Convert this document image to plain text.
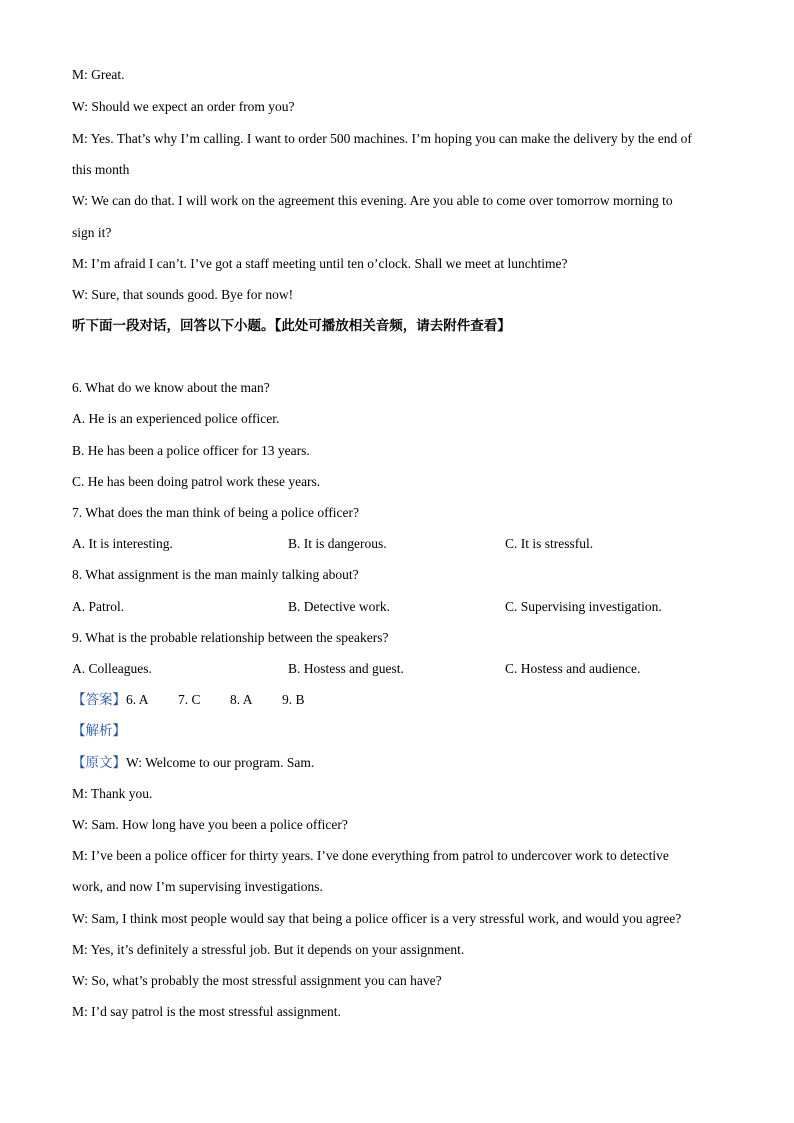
M: Great.
W: Should we expect an order from you?
M: Yes. That’s why I’m calling. I want to order 500 machines. I’m hoping you can make the delivery by the end of
this month
W: We can do that. I will work on the agreement this evening. Are you able to come over tomorrow morning to
sign it?
M: I’m afraid I can’t. I’ve got a staff meeting until ten o’clock. Shall we meet at lunchtime?
W: Sure, that sounds good. Bye for now!
听下面一段对话，回答以下小题。【此处可播放相关音频，请去附件查看】
6. What do we know about the man?
A. He is an experienced police officer.
B. He has been a police officer for 13 years.
C. He has been doing patrol work these years.
7. What does the man think of being a police officer?
A. It is interesting.	B. It is dangerous.	C. It is stressful.
8. What assignment is the man mainly talking about?
A. Patrol.	B. Detective work.	C. Supervising investigation.
9. What is the probable relationship between the speakers?
A. Colleagues.	B. Hostess and guest.	C. Hostess and audience.
【答案】6. A 7. C 8. A 9. B
【解析】
【原文】W: Welcome to our program. Sam.
M: Thank you.
W: Sam. How long have you been a police officer?
M: I’ve been a police officer for thirty years. I’ve done everything from patrol to undercover work to detective
work, and now I’m supervising investigations.
W: Sam, I think most people would say that being a police officer is a very stressful work, and would you agree?
M: Yes, it’s definitely a stressful job. But it depends on your assignment.
W: So, what’s probably the most stressful assignment you can have?
M: I’d say patrol is the most stressful assignment.
